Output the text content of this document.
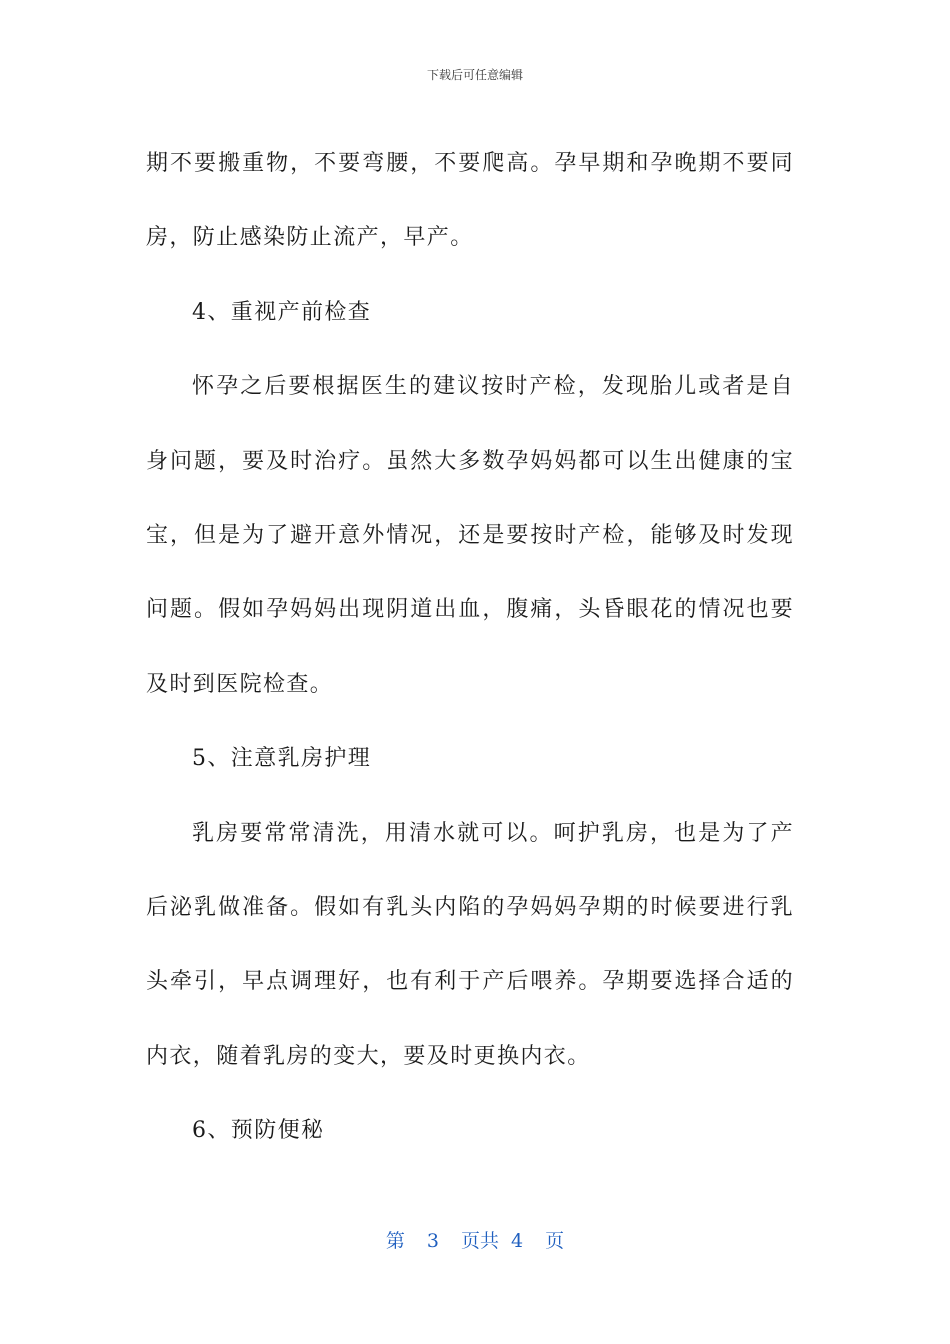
下载后可任意编辑

期不要搬重物，不要弯腰，不要爬高。孕早期和孕晚期不要同房，防止感染防止流产，早产。

4、重视产前检查

怀孕之后要根据医生的建议按时产检，发现胎儿或者是自身问题，要及时治疗。虽然大多数孕妈妈都可以生出健康的宝宝，但是为了避开意外情况，还是要按时产检，能够及时发现问题。假如孕妈妈出现阴道出血，腹痛，头昏眼花的情况也要及时到医院检查。

5、注意乳房护理

乳房要常常清洗，用清水就可以。呵护乳房，也是为了产后泌乳做准备。假如有乳头内陷的孕妈妈孕期的时候要进行乳头牵引，早点调理好，也有利于产后喂养。孕期要选择合适的内衣，随着乳房的变大，要及时更换内衣。

6、预防便秘

第 3 页共 4 页
